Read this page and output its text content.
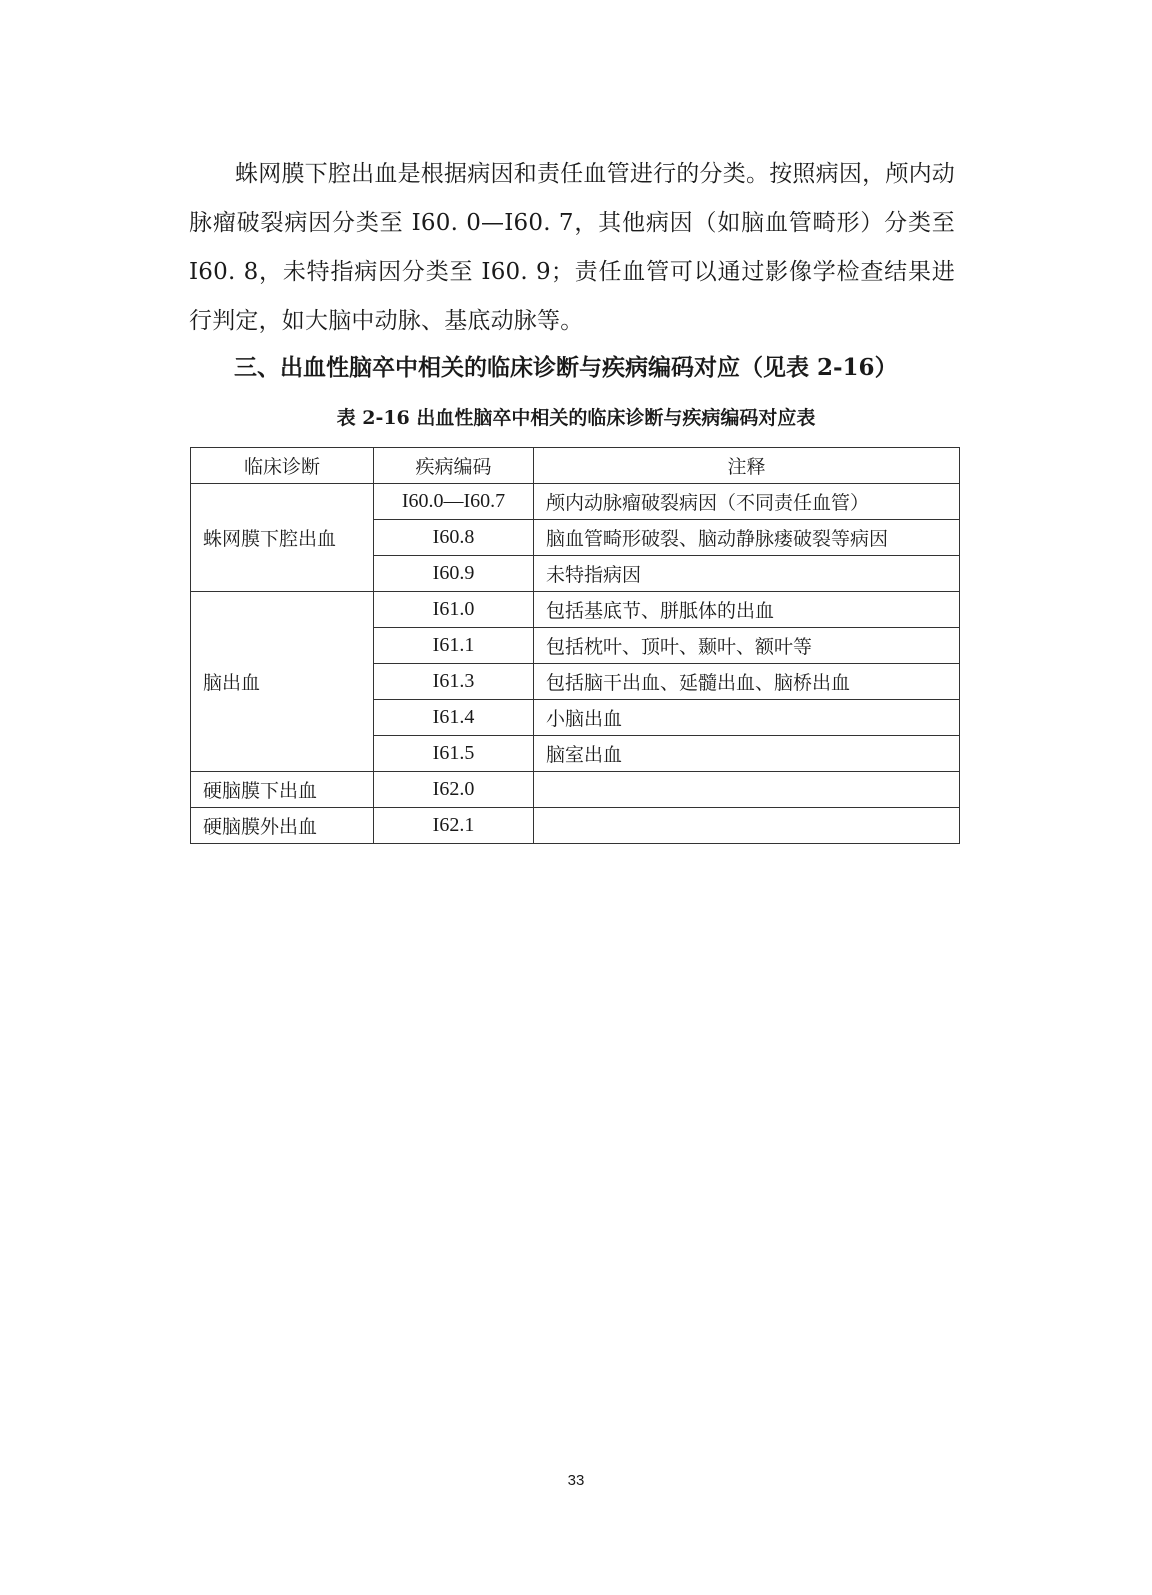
蛛网膜下腔出血是根据病因和责任血管进行的分类。按照病因，颅内动脉瘤破裂病因分类至 I60. 0—I60. 7，其他病因（如脑血管畸形）分类至 I60. 8，未特指病因分类至 I60. 9；责任血管可以通过影像学检查结果进行判定，如大脑中动脉、基底动脉等。

三、出血性脑卒中相关的临床诊断与疾病编码对应（见表 2-16）

表 2-16 出血性脑卒中相关的临床诊断与疾病编码对应表

临床诊断	疾病编码	注释
蛛网膜下腔出血	I60.0—I60.7	颅内动脉瘤破裂病因（不同责任血管）
	I60.8	脑血管畸形破裂、脑动静脉瘘破裂等病因
	I60.9	未特指病因
脑出血	I61.0	包括基底节、胼胝体的出血
	I61.1	包括枕叶、顶叶、颞叶、额叶等
	I61.3	包括脑干出血、延髓出血、脑桥出血
	I61.4	小脑出血
	I61.5	脑室出血
硬脑膜下出血	I62.0	
硬脑膜外出血	I62.1	

33
